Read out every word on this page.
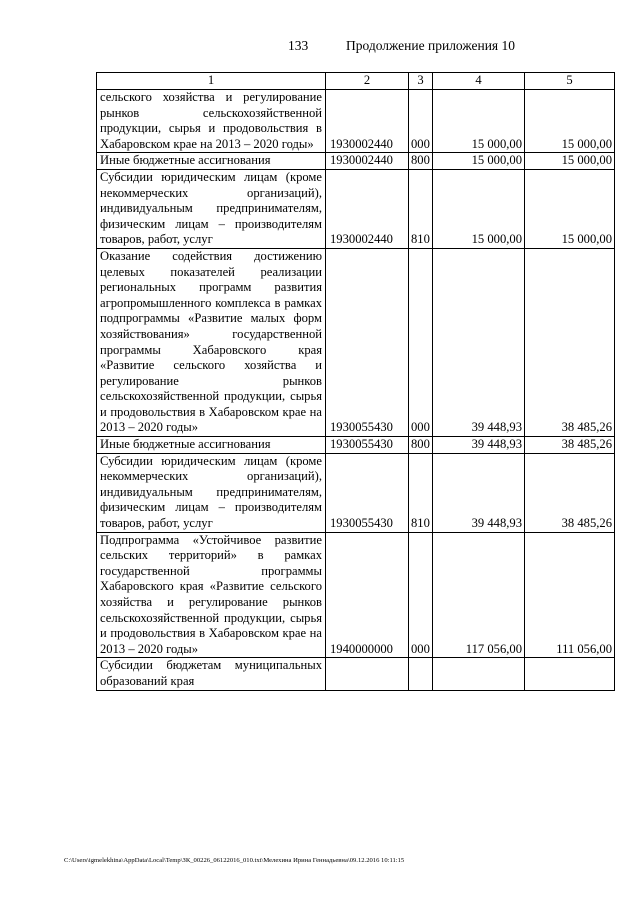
133	Продолжение приложения 10
1	2	3	4	5
сельского хозяйства и регулирование рынков сельскохозяйственной продукции, сырья и продовольствия в Хабаровском крае на 2013 – 2020 годы»	1930002440	000	15 000,00	15 000,00
Иные бюджетные ассигнования	1930002440	800	15 000,00	15 000,00
Субсидии юридическим лицам (кроме некоммерческих организаций), индивидуальным предпринимателям, физическим лицам – производителям товаров, работ, услуг	1930002440	810	15 000,00	15 000,00
Оказание содействия достижению целевых показателей реализации региональных программ развития агропромышленного комплекса в рамках подпрограммы «Развитие малых форм хозяйствования» государственной программы Хабаровского края «Развитие сельского хозяйства и регулирование рынков сельскохозяйственной продукции, сырья и продовольствия в Хабаровском крае на 2013 – 2020 годы»	1930055430	000	39 448,93	38 485,26
Иные бюджетные ассигнования	1930055430	800	39 448,93	38 485,26
Субсидии юридическим лицам (кроме некоммерческих организаций), индивидуальным предпринимателям, физическим лицам – производителям товаров, работ, услуг	1930055430	810	39 448,93	38 485,26
Подпрограмма «Устойчивое развитие сельских территорий» в рамках государственной программы Хабаровского края «Развитие сельского хозяйства и регулирование рынков сельскохозяйственной продукции, сырья и продовольствия в Хабаровском крае на 2013 – 2020 годы»	1940000000	000	117 056,00	111 056,00
Субсидии бюджетам муниципальных образований края				
C:\Users\igmelekhina\AppData\Local\Temp\ЗК_00226_06122016_010.txt\Мелехина Ирина Геннадьевна\09.12.2016 10:11:15
